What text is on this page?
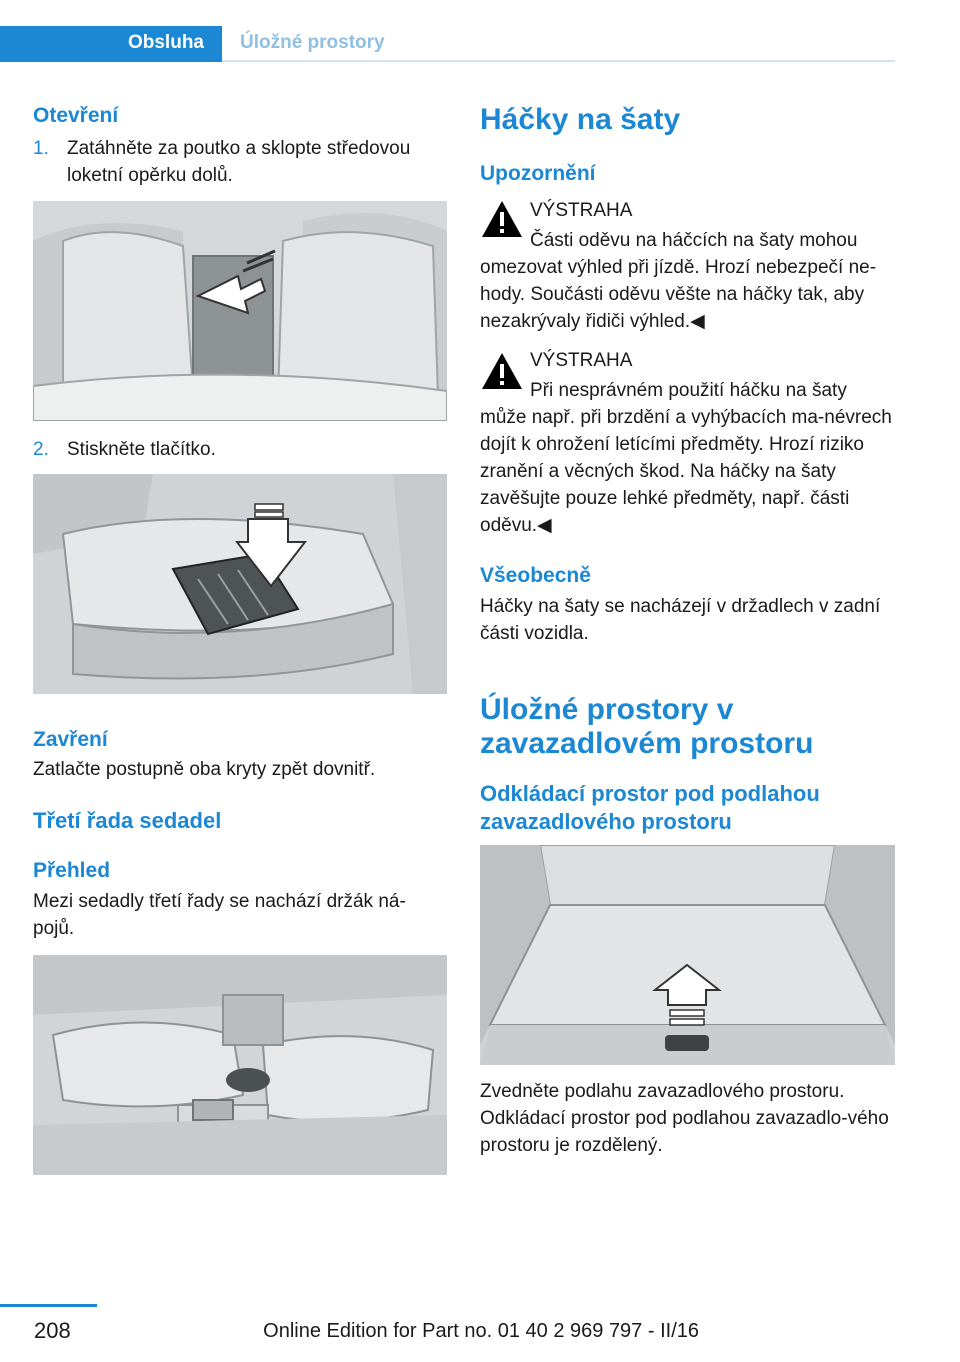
Obsluha Úložné prostory
Otevření
1. Zatáhněte za poutko a sklopte středovou loketní opěrku dolů.
2. Stiskněte tlačítko.
Zavření
Zatlačte postupně oba kryty zpět dovnitř.
Třetí řada sedadel
Přehled
Mezi sedadly třetí řady se nachází držák ná-pojů.
Háčky na šaty
Upozornění
VÝSTRAHA
Části oděvu na háčcích na šaty mohou omezovat výhled při jízdě. Hrozí nebezpečí ne-hody. Součásti oděvu věšte na háčky tak, aby nezakrývaly řidiči výhled.◀
VÝSTRAHA
Při nesprávném použití háčku na šaty může např. při brzdění a vyhýbacích ma-névrech dojít k ohrožení letícími předměty. Hrozí riziko zranění a věcných škod. Na háčky na šaty zavěšujte pouze lehké předměty, např. části oděvu.◀
Všeobecně
Háčky na šaty se nacházejí v držadlech v zadní části vozidla.
Úložné prostory v zavazadlovém prostoru
Odkládací prostor pod podlahou zavazadlového prostoru
Zvedněte podlahu zavazadlového prostoru. Odkládací prostor pod podlahou zavazadlo-vého prostoru je rozdělený.
208	Online Edition for Part no. 01 40 2 969 797 - II/16
